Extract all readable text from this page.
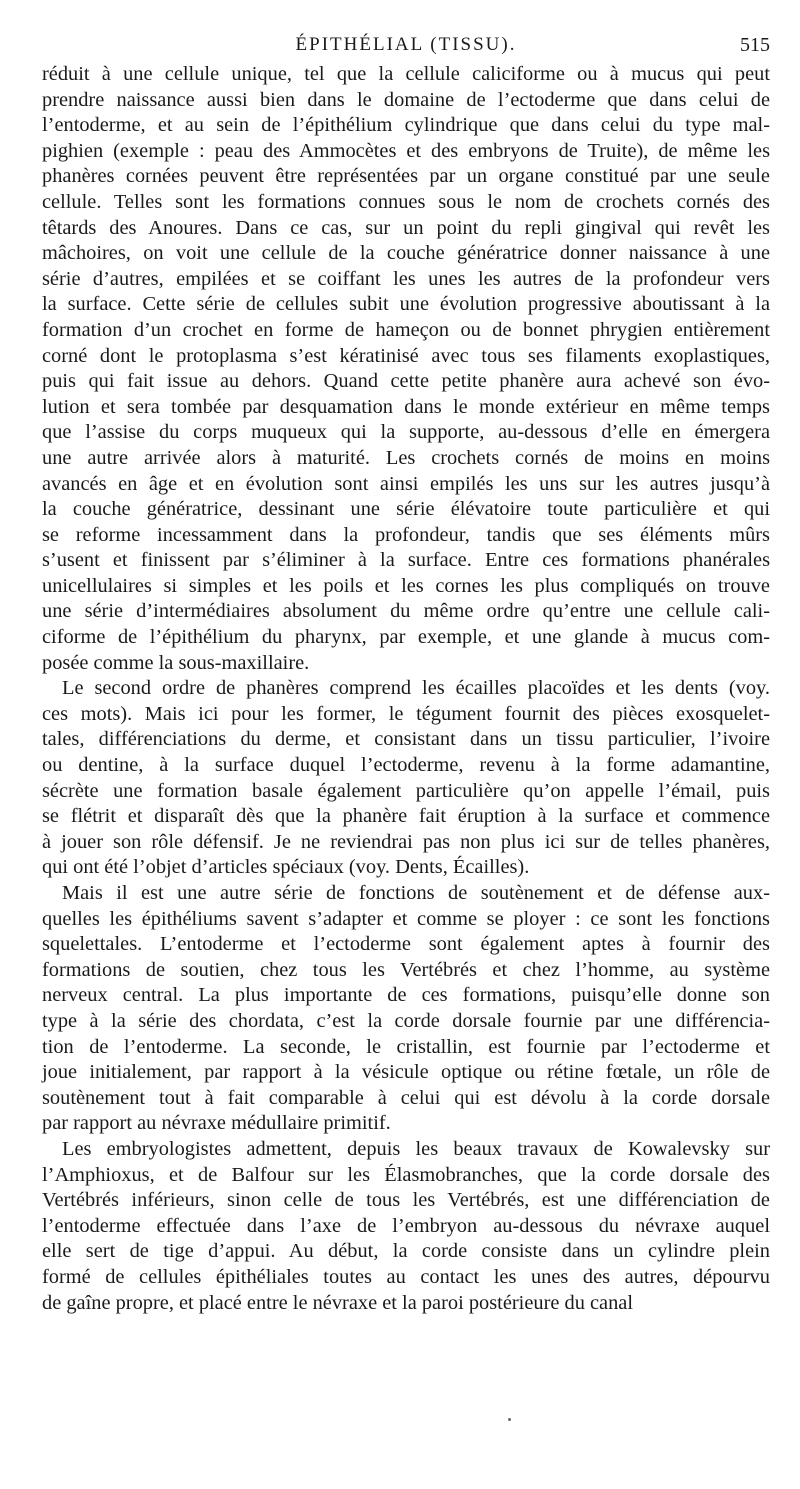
ÉPITHÉLIAL (TISSU).	515

réduit à une cellule unique, tel que la cellule caliciforme ou à mucus qui peut
prendre naissance aussi bien dans le domaine de l’ectoderme que dans celui de
l’entoderme, et au sein de l’épithélium cylindrique que dans celui du type mal-
pighien (exemple : peau des Ammocètes et des embryons de Truite), de même les
phanères cornées peuvent être représentées par un organe constitué par une seule
cellule. Telles sont les formations connues sous le nom de crochets cornés des
têtards des Anoures. Dans ce cas, sur un point du repli gingival qui revêt les
mâchoires, on voit une cellule de la couche génératrice donner naissance à une
série d’autres, empilées et se coiffant les unes les autres de la profondeur vers
la surface. Cette série de cellules subit une évolution progressive aboutissant à la
formation d’un crochet en forme de hameçon ou de bonnet phrygien entièrement
corné dont le protoplasma s’est kératinisé avec tous ses filaments exoplastiques,
puis qui fait issue au dehors. Quand cette petite phanère aura achevé son évo-
lution et sera tombée par desquamation dans le monde extérieur en même temps
que l’assise du corps muqueux qui la supporte, au-dessous d’elle en émergera
une autre arrivée alors à maturité. Les crochets cornés de moins en moins
avancés en âge et en évolution sont ainsi empilés les uns sur les autres jusqu’à
la couche génératrice, dessinant une série élévatoire toute particulière et qui
se reforme incessamment dans la profondeur, tandis que ses éléments mûrs
s’usent et finissent par s’éliminer à la surface. Entre ces formations phanérales
unicellulaires si simples et les poils et les cornes les plus compliqués on trouve
une série d’intermédiaires absolument du même ordre qu’entre une cellule cali-
ciforme de l’épithélium du pharynx, par exemple, et une glande à mucus com-
posée comme la sous-maxillaire.

Le second ordre de phanères comprend les écailles placoïdes et les dents (voy.
ces mots). Mais ici pour les former, le tégument fournit des pièces exosquelet-
tales, différenciations du derme, et consistant dans un tissu particulier, l’ivoire
ou dentine, à la surface duquel l’ectoderme, revenu à la forme adamantine,
sécrète une formation basale également particulière qu’on appelle l’émail, puis
se flétrit et disparaît dès que la phanère fait éruption à la surface et commence
à jouer son rôle défensif. Je ne reviendrai pas non plus ici sur de telles phanères,
qui ont été l’objet d’articles spéciaux (voy. Dents, Écailles).

Mais il est une autre série de fonctions de soutènement et de défense aux-
quelles les épithéliums savent s’adapter et comme se ployer : ce sont les fonctions
squelettales. L’entoderme et l’ectoderme sont également aptes à fournir des
formations de soutien, chez tous les Vertébrés et chez l’homme, au système
nerveux central. La plus importante de ces formations, puisqu’elle donne son
type à la série des chordata, c’est la corde dorsale fournie par une différencia-
tion de l’entoderme. La seconde, le cristallin, est fournie par l’ectoderme et
joue initialement, par rapport à la vésicule optique ou rétine fœtale, un rôle de
soutènement tout à fait comparable à celui qui est dévolu à la corde dorsale
par rapport au névraxe médullaire primitif.

Les embryologistes admettent, depuis les beaux travaux de Kowalevsky sur
l’Amphioxus, et de Balfour sur les Élasmobranches, que la corde dorsale des
Vertébrés inférieurs, sinon celle de tous les Vertébrés, est une différenciation de
l’entoderme effectuée dans l’axe de l’embryon au-dessous du névraxe auquel
elle sert de tige d’appui. Au début, la corde consiste dans un cylindre plein
formé de cellules épithéliales toutes au contact les unes des autres, dépourvu
de gaîne propre, et placé entre le névraxe et la paroi postérieure du canal
